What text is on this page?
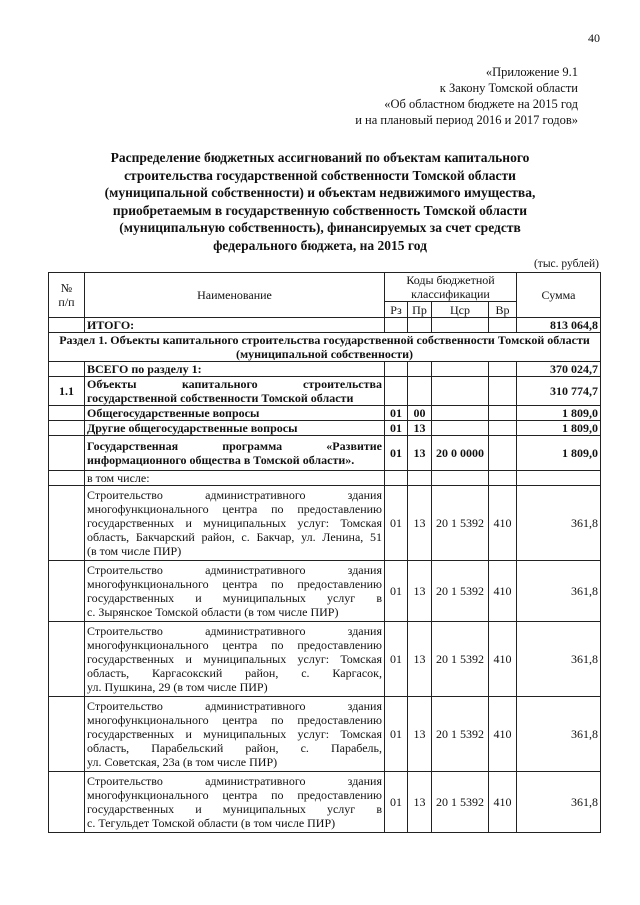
40
«Приложение 9.1
к Закону Томской области
«Об областном бюджете на 2015 год
и на плановый период 2016 и 2017 годов»
Распределение бюджетных ассигнований по объектам капитального
строительства государственной собственности Томской области
(муниципальной собственности) и объектам недвижимого имущества,
приобретаемым в государственную собственность Томской области
(муниципальную собственность), финансируемых за счет средств
федерального бюджета, на 2015 год
(тыс. рублей)
№
п/п	Наименование	Коды бюджетной классификации				Сумма
		Рз	Пр	Цср	Вр	
	ИТОГО:					813 064,8
Раздел 1. Объекты капитального строительства государственной собственности Томской области (муниципальной собственности)						
	ВСЕГО по разделу 1:					370 024,7
1.1	Объекты капитального строительства
государственной собственности Томской области					310 774,7
	Общегосударственные вопросы	01	00			1 809,0
	Другие общегосударственные вопросы	01	13			1 809,0

	Государственная программа «Развитие
информационного общества в Томской области».	01	13	20 0 0000		1 809,0
	в том числе:					

	Строительство административного здания
многофункционального центра по предоставлению
государственных и муниципальных услуг: Томская
область, Бакчарский район, с. Бакчар, ул. Ленина, 51
(в том числе ПИР)	01	13	20 1 5392	410	361,8

	Строительство административного здания
многофункционального центра по предоставлению
государственных и муниципальных услуг в
с. Зырянское Томской области (в том числе ПИР)	01	13	20 1 5392	410	361,8

	Строительство административного здания
многофункционального центра по предоставлению
государственных и муниципальных услуг: Томская
область, Каргасокский район, с. Каргасок,
ул. Пушкина, 29 (в том числе ПИР)	01	13	20 1 5392	410	361,8

	Строительство административного здания
многофункционального центра по предоставлению
государственных и муниципальных услуг: Томская
область, Парабельский район, с. Парабель,
ул. Советская, 23а (в том числе ПИР)	01	13	20 1 5392	410	361,8

	Строительство административного здания
многофункционального центра по предоставлению
государственных и муниципальных услуг в
с. Тегульдет Томской области (в том числе ПИР)	01	13	20 1 5392	410	361,8
